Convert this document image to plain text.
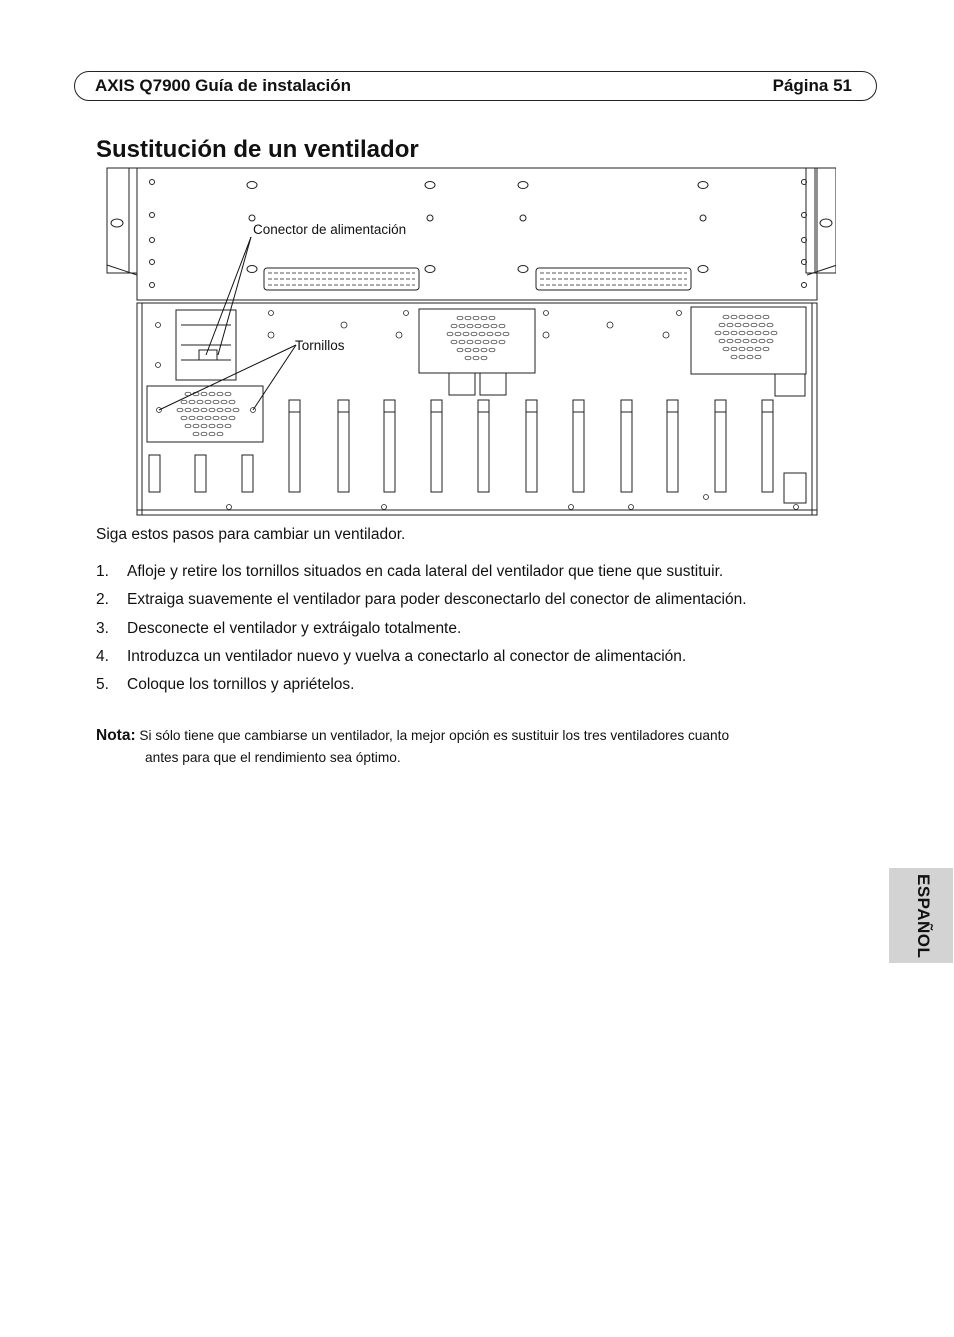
AXIS Q7900 Guía de instalación	Página 51
Sustitución de un ventilador
Conector de alimentación
Tornillos
Siga estos pasos para cambiar un ventilador.
1.	Afloje y retire los tornillos situados en cada lateral del ventilador que tiene que sustituir.
2.	Extraiga suavemente el ventilador para poder desconectarlo del conector de alimentación.
3.	Desconecte el ventilador y extráigalo totalmente.
4.	Introduzca un ventilador nuevo y vuelva a conectarlo al conector de alimentación.
5.	Coloque los tornillos y apriételos.
Nota: Si sólo tiene que cambiarse un ventilador, la mejor opción es sustituir los tres ventiladores cuanto
antes para que el rendimiento sea óptimo.
ESPAÑOL
